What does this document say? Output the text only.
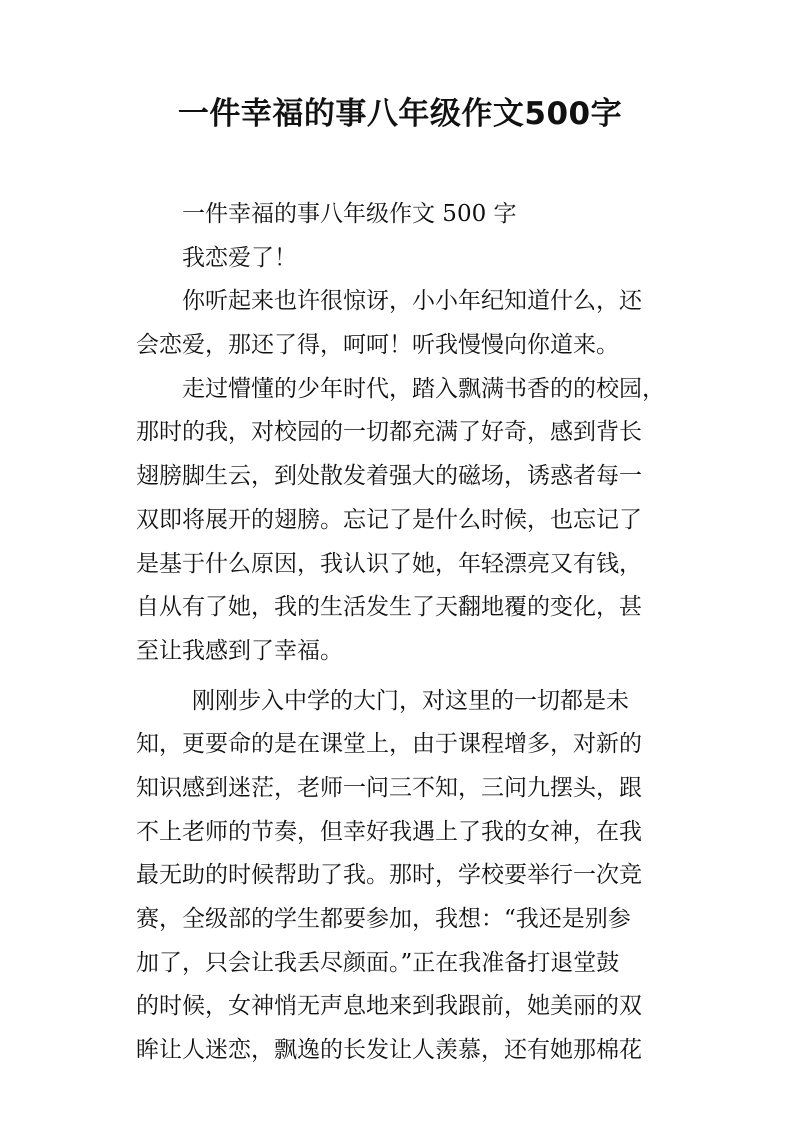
一件幸福的事八年级作文500字

一件幸福的事八年级作文 500 字

我恋爱了！

你听起来也许很惊讶，小小年纪知道什么，还

会恋爱，那还了得，呵呵！听我慢慢向你道来。

走过懵懂的少年时代，踏入飘满书香的的校园，

那时的我，对校园的一切都充满了好奇，感到背长

翅膀脚生云，到处散发着强大的磁场，诱惑者每一

双即将展开的翅膀。忘记了是什么时候，也忘记了

是基于什么原因，我认识了她，年轻漂亮又有钱，

自从有了她，我的生活发生了天翻地覆的变化，甚

至让我感到了幸福。

刚刚步入中学的大门，对这里的一切都是未

知，更要命的是在课堂上，由于课程增多，对新的

知识感到迷茫，老师一问三不知，三问九摆头，跟

不上老师的节奏，但幸好我遇上了我的女神，在我

最无助的时候帮助了我。那时，学校要举行一次竞

赛，全级部的学生都要参加，我想：“我还是别参

加了，只会让我丢尽颜面。”正在我准备打退堂鼓

的时候，女神悄无声息地来到我跟前，她美丽的双

眸让人迷恋，飘逸的长发让人羡慕，还有她那棉花
